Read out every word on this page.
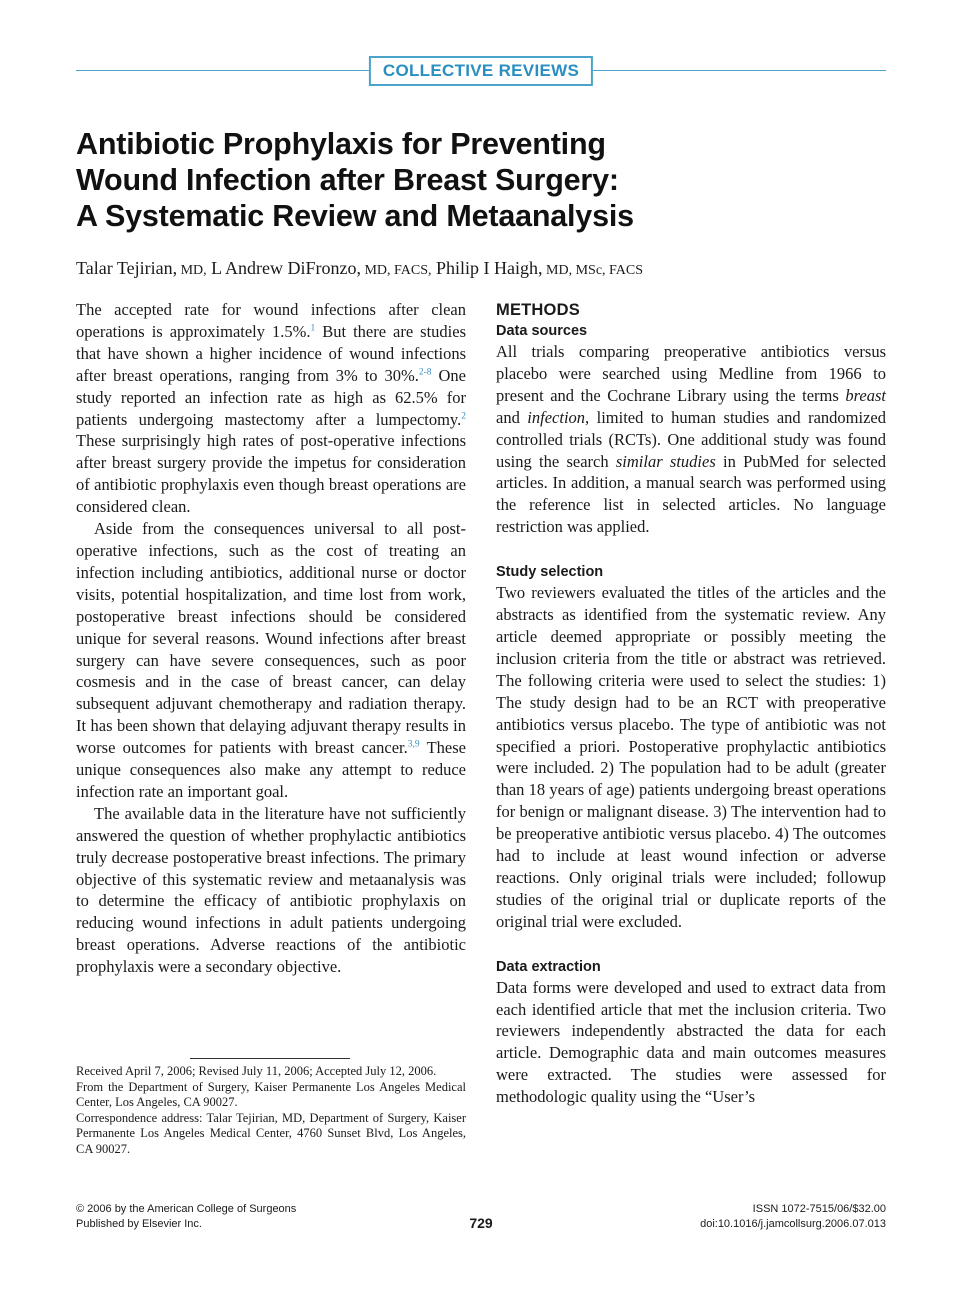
COLLECTIVE REVIEWS
Antibiotic Prophylaxis for Preventing
Wound Infection after Breast Surgery:
A Systematic Review and Metaanalysis
Talar Tejirian, MD, L Andrew DiFronzo, MD, FACS, Philip I Haigh, MD, MSc, FACS

The accepted rate for wound infections after clean operations is approximately 1.5%.$^1$ But there are studies that have shown a higher incidence of wound infections after breast operations, ranging from 3% to 30%.$^{2-8}$ One study reported an infection rate as high as 62.5% for patients undergoing mastectomy after a lumpectomy.$^2$ These surprisingly high rates of post-operative infections after breast surgery provide the impetus for consideration of antibiotic prophylaxis even though breast operations are considered clean.

Aside from the consequences universal to all post-operative infections, such as the cost of treating an infection including antibiotics, additional nurse or doctor visits, potential hospitalization, and time lost from work, postoperative breast infections should be considered unique for several reasons. Wound infections after breast surgery can have severe consequences, such as poor cosmesis and in the case of breast cancer, can delay subsequent adjuvant chemotherapy and radiation therapy. It has been shown that delaying adjuvant therapy results in worse outcomes for patients with breast cancer.$^{3,9}$ These unique consequences also make any attempt to reduce infection rate an important goal.

The available data in the literature have not sufficiently answered the question of whether prophylactic antibiotics truly decrease postoperative breast infections. The primary objective of this systematic review and metaanalysis was to determine the efficacy of antibiotic prophylaxis on reducing wound infections in adult patients undergoing breast operations. Adverse reactions of the antibiotic prophylaxis were a secondary objective.

Received April 7, 2006; Revised July 11, 2006; Accepted July 12, 2006.

From the Department of Surgery, Kaiser Permanente Los Angeles Medical Center, Los Angeles, CA 90027.

Correspondence address: Talar Tejirian, MD, Department of Surgery, Kaiser Permanente Los Angeles Medical Center, 4760 Sunset Blvd, Los Angeles, CA 90027.

METHODS
Data sources

All trials comparing preoperative antibiotics versus placebo were searched using Medline from 1966 to present and the Cochrane Library using the terms breast and infection, limited to human studies and randomized controlled trials (RCTs). One additional study was found using the search similar studies in PubMed for selected articles. In addition, a manual search was performed using the reference list in selected articles. No language restriction was applied.

Study selection

Two reviewers evaluated the titles of the articles and the abstracts as identified from the systematic review. Any article deemed appropriate or possibly meeting the inclusion criteria from the title or abstract was retrieved. The following criteria were used to select the studies: 1) The study design had to be an RCT with preoperative antibiotics versus placebo. The type of antibiotic was not specified a priori. Postoperative prophylactic antibiotics were included. 2) The population had to be adult (greater than 18 years of age) patients undergoing breast operations for benign or malignant disease. 3) The intervention had to be preoperative antibiotic versus placebo. 4) The outcomes had to include at least wound infection or adverse reactions. Only original trials were included; followup studies of the original trial or duplicate reports of the original trial were excluded.

Data extraction

Data forms were developed and used to extract data from each identified article that met the inclusion criteria. Two reviewers independently abstracted the data for each article. Demographic data and main outcomes measures were extracted. The studies were assessed for methodologic quality using the “User’s

© 2006 by the American College of Surgeons
Published by Elsevier Inc.	729
ISSN 1072-7515/06/$32.00
doi:10.1016/j.jamcollsurg.2006.07.013
